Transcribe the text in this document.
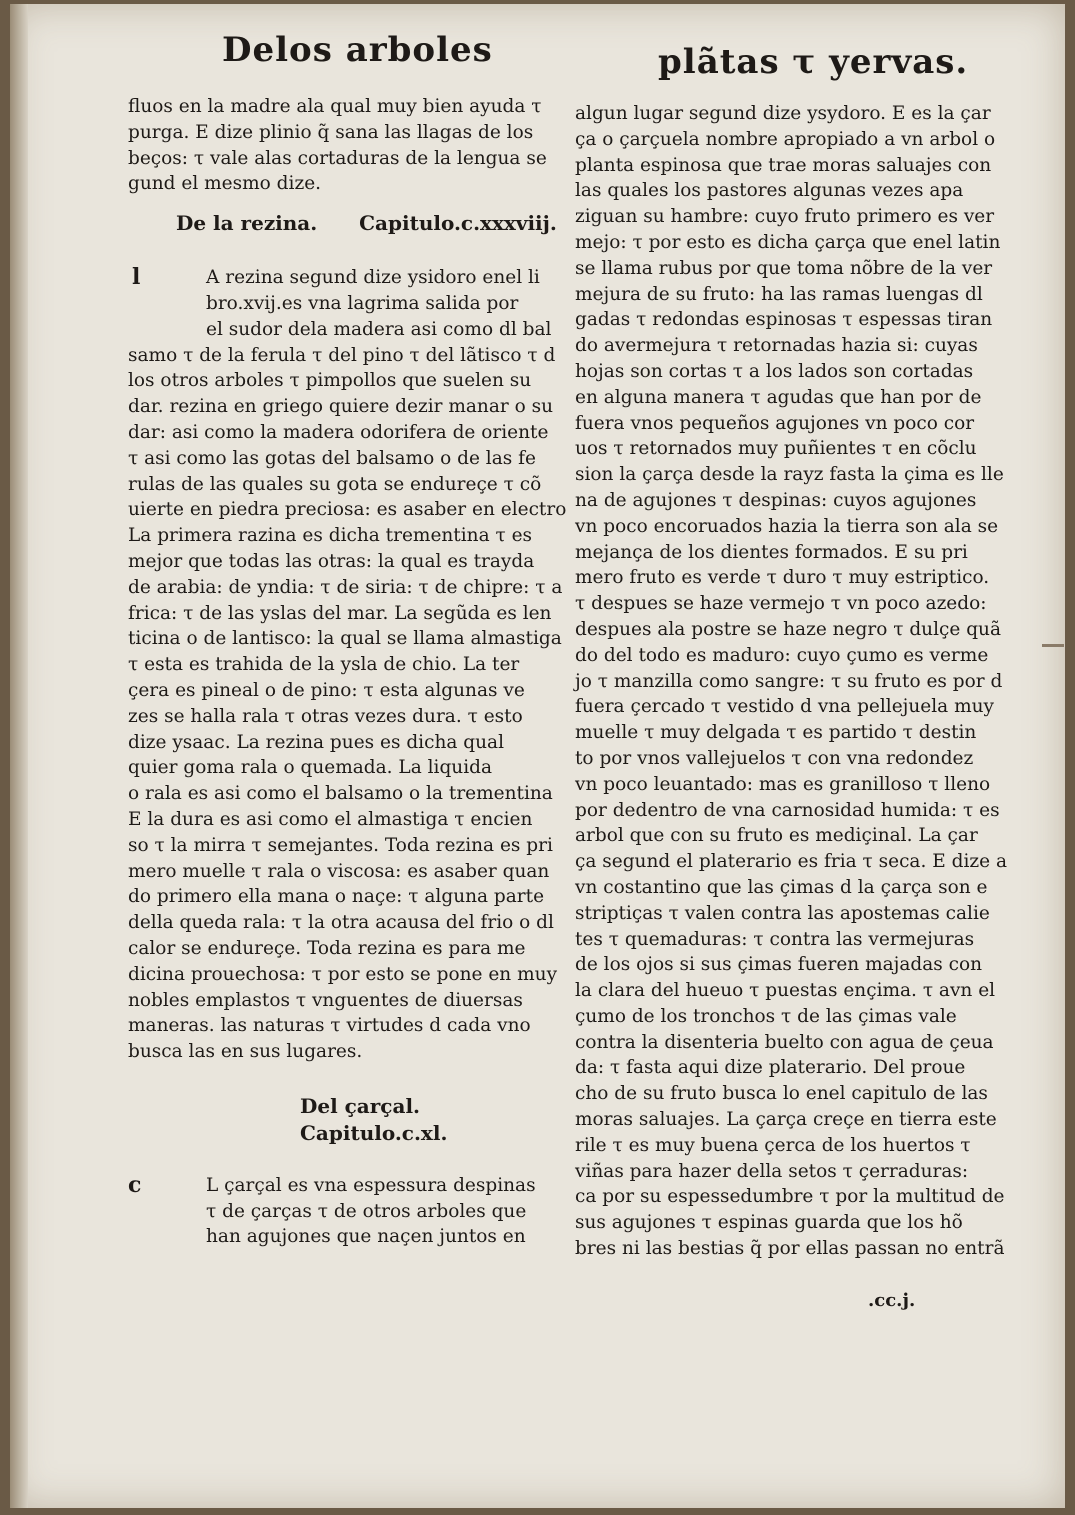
Delos arboles	plãtas τ yervas.
fluos en la madre ala qual muy bien ayuda τ
purga. E dize plinio q̃ sana las llagas de los
beços: τ vale alas cortaduras de la lengua se
gund el mesmo dize.
De la rezina. Capitulo.c.xxxviij.
l	A rezina segund dize ysidoro enel li
bro.xvij.es vna lagrima salida por
el sudor dela madera asi como dl bal
samo τ de la ferula τ del pino τ del lãtisco τ d
los otros arboles τ pimpollos que suelen su
dar. rezina en griego quiere dezir manar o su
dar: asi como la madera odorifera de oriente
τ asi como las gotas del balsamo o de las fe
rulas de las quales su gota se endureçe τ cõ
uierte en piedra preciosa: es asaber en electro
La primera razina es dicha trementina τ es
mejor que todas las otras: la qual es trayda
de arabia: de yndia: τ de siria: τ de chipre: τ a
frica: τ de las yslas del mar. La segũda es len
ticina o de lantisco: la qual se llama almastiga
τ esta es trahida de la ysla de chio. La ter
çera es pineal o de pino: τ esta algunas ve
zes se halla rala τ otras vezes dura. τ esto
dize ysaac. La rezina pues es dicha qual
quier goma rala o quemada. La liquida
o rala es asi como el balsamo o la trementina
E la dura es asi como el almastiga τ encien
so τ la mirra τ semejantes. Toda rezina es pri
mero muelle τ rala o viscosa: es asaber quan
do primero ella mana o naçe: τ alguna parte
della queda rala: τ la otra acausa del frio o dl
calor se endureçe. Toda rezina es para me
dicina prouechosa: τ por esto se pone en muy
nobles emplastos τ vnguentes de diuersas
maneras. las naturas τ virtudes d cada vno
busca las en sus lugares.
Del çarçal.
Capitulo.c.xl.
c	L çarçal es vna espessura despinas
τ de çarças τ de otros arboles que
han agujones que naçen juntos en
algun lugar segund dize ysydoro. E es la çar
ça o çarçuela nombre apropiado a vn arbol o
planta espinosa que trae moras saluajes con
las quales los pastores algunas vezes apa
ziguan su hambre: cuyo fruto primero es ver
mejo: τ por esto es dicha çarça que enel latin
se llama rubus por que toma nõbre de la ver
mejura de su fruto: ha las ramas luengas dl
gadas τ redondas espinosas τ espessas tiran
do avermejura τ retornadas hazia si: cuyas
hojas son cortas τ a los lados son cortadas
en alguna manera τ agudas que han por de
fuera vnos pequeños agujones vn poco cor
uos τ retornados muy puñientes τ en cõclu
sion la çarça desde la rayz fasta la çima es lle
na de agujones τ despinas: cuyos agujones
vn poco encoruados hazia la tierra son ala se
mejança de los dientes formados. E su pri
mero fruto es verde τ duro τ muy estriptico.
τ despues se haze vermejo τ vn poco azedo:
despues ala postre se haze negro τ dulçe quã
do del todo es maduro: cuyo çumo es verme
jo τ manzilla como sangre: τ su fruto es por d
fuera çercado τ vestido d vna pellejuela muy
muelle τ muy delgada τ es partido τ destin
to por vnos vallejuelos τ con vna redondez
vn poco leuantado: mas es granilloso τ lleno
por dedentro de vna carnosidad humida: τ es
arbol que con su fruto es mediçinal. La çar
ça segund el platerario es fria τ seca. E dize a
vn costantino que las çimas d la çarça son e
striptiças τ valen contra las apostemas calie
tes τ quemaduras: τ contra las vermejuras
de los ojos si sus çimas fueren majadas con
la clara del hueuo τ puestas ençima. τ avn el
çumo de los tronchos τ de las çimas vale
contra la disenteria buelto con agua de çeua
da: τ fasta aqui dize platerario. Del proue
cho de su fruto busca lo enel capitulo de las
moras saluajes. La çarça creçe en tierra este
rile τ es muy buena çerca de los huertos τ
viñas para hazer della setos τ çerraduras:
ca por su espessedumbre τ por la multitud de
sus agujones τ espinas guarda que los hõ
bres ni las bestias q̃ por ellas passan no entrã
.cc.j.
